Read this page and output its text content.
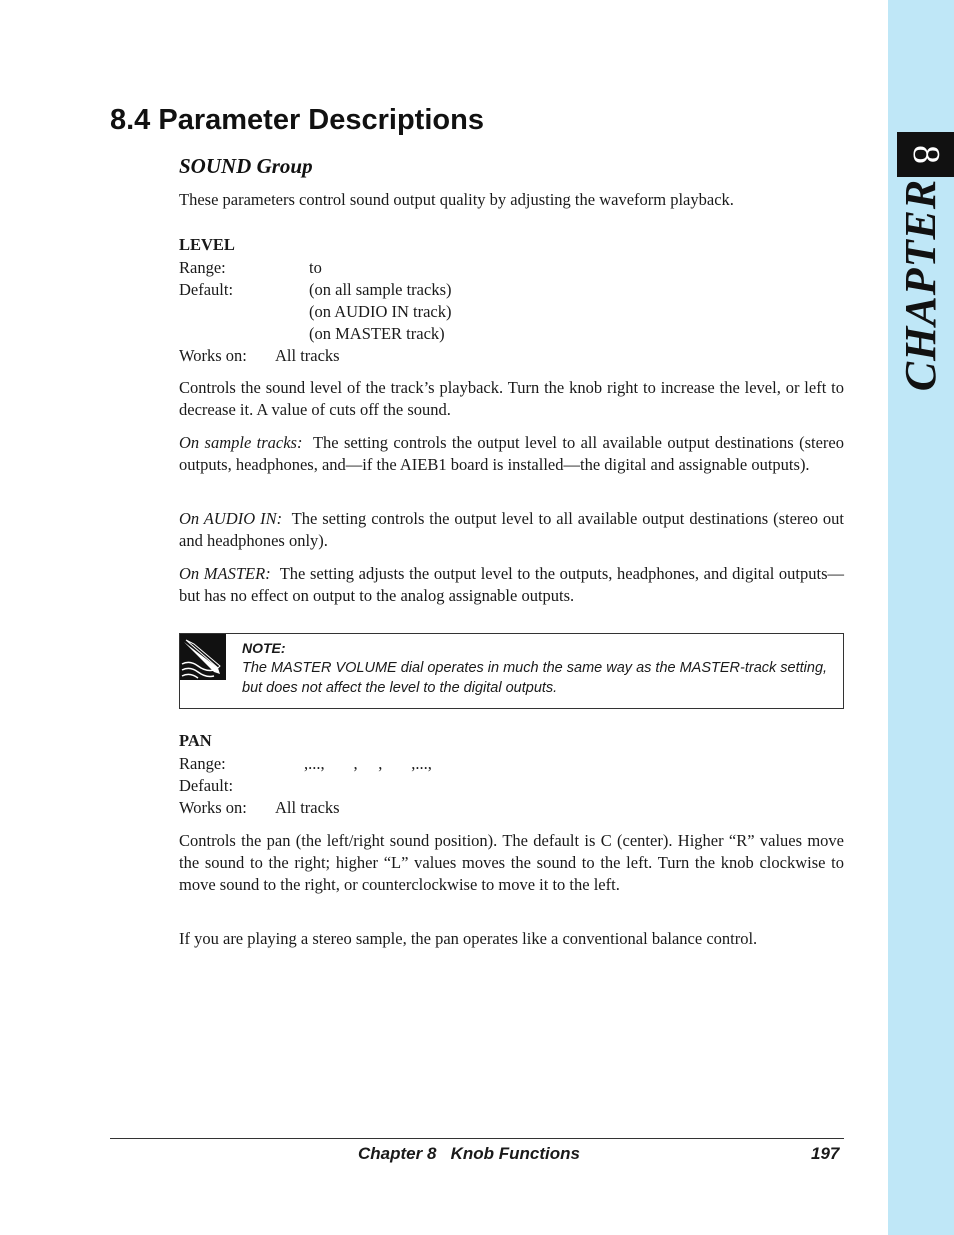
8
CHAPTER
8.4 Parameter Descriptions
SOUND Group
These parameters control sound output quality by adjusting the waveform playback.
LEVEL
Range:	to
Default:	(on all sample tracks)
(on AUDIO IN track)
(on MASTER track)
Works on: All tracks
Controls the sound level of the track’s playback. Turn the knob right to increase the level, or left to decrease it. A value of cuts off the sound.
On sample tracks: The setting controls the output level to all available output destinations (stereo outputs, headphones, and—if the AIEB1 board is installed—the digital and assignable outputs).
On AUDIO IN: The setting controls the output level to all available output destinations (stereo out and headphones only).
On MASTER: The setting adjusts the output level to the outputs, headphones, and digital outputs—but has no effect on output to the analog assignable outputs.
NOTE:
The MASTER VOLUME dial operates in much the same way as the MASTER-track setting, but does not affect the level to the digital outputs.
PAN
Range:	,...,       ,     ,       ,...,
Default:
Works on: All tracks
Controls the pan (the left/right sound position). The default is C (center). Higher “R” values move the sound to the right; higher “L” values moves the sound to the left. Turn the knob clockwise to move sound to the right, or counterclockwise to move it to the left.
If you are playing a stereo sample, the pan operates like a conventional balance control.
Chapter 8   Knob Functions	197
